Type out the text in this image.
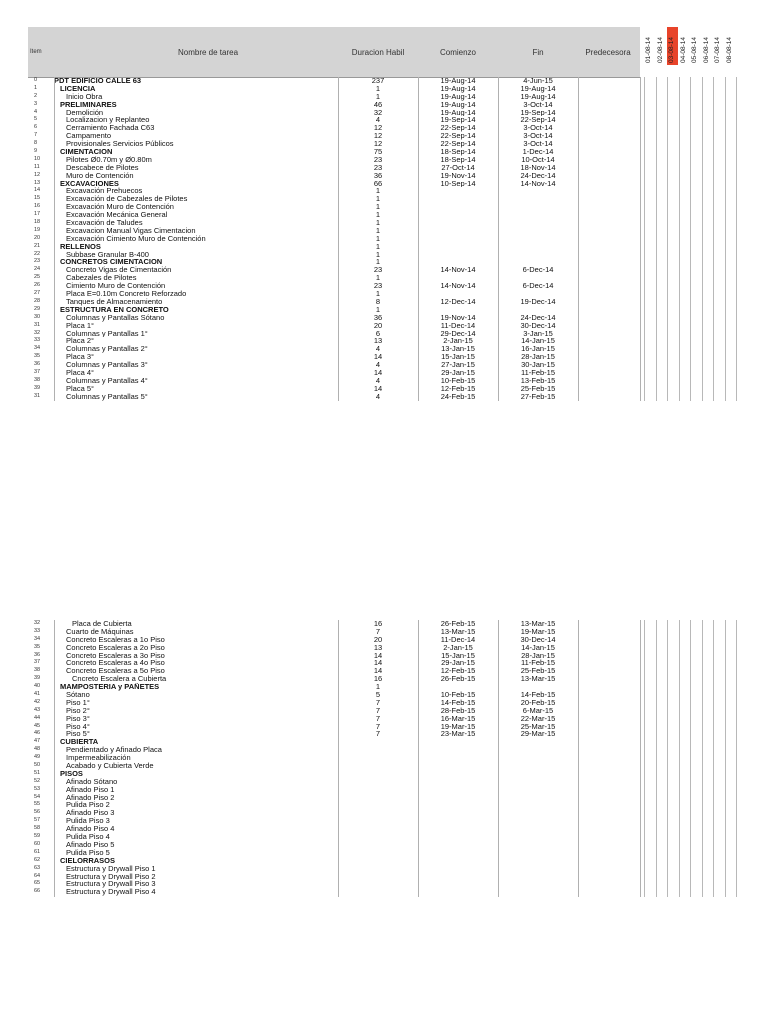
Item	Nombre de tarea	Duracion Habil	Comienzo	Fin	Predecesora	01-08-14 02-08-14 03-08-14 04-08-14 05-08-14 06-08-14 07-08-14 08-08-14
0	PDT EDIFICIO CALLE 63	237	19-Aug-14	4-Jun-15
1	LICENCIA	1	19-Aug-14	19-Aug-14
2	Inicio Obra	1	19-Aug-14	19-Aug-14
3	PRELIMINARES	46	19-Aug-14	3-Oct-14
4	Demolición	32	19-Aug-14	19-Sep-14
5	Localizacion y Replanteo	4	19-Sep-14	22-Sep-14
6	Cerramiento Fachada C63	12	22-Sep-14	3-Oct-14
7	Campamento	12	22-Sep-14	3-Oct-14
8	Provisionales Servicios Públicos	12	22-Sep-14	3-Oct-14
9	CIMENTACION	75	18-Sep-14	1-Dec-14
10	Pilotes Ø0.70m y Ø0.80m	23	18-Sep-14	10-Oct-14
11	Descabece de Pilotes	23	27-Oct-14	18-Nov-14
12	Muro de Contención	36	19-Nov-14	24-Dec-14
13	EXCAVACIONES	66	10-Sep-14	14-Nov-14
14	Excavación Prehuecos	1
15	Excavación de Cabezales de Pilotes	1
16	Excavación Muro de Contención	1
17	Excavación Mecánica General	1
18	Excavación de Taludes	1
19	Excavacion Manual Vigas Cimentacion	1
20	Excavación Cimiento Muro de Contención	1
21	RELLENOS	1
22	Subbase Granular B-400	1
23	CONCRETOS CIMENTACION	1
24	Concreto Vigas de Cimentación	23	14-Nov-14	6-Dec-14
25	Cabezales de Pilotes	1
26	Cimiento Muro de Contención	23	14-Nov-14	6-Dec-14
27	Placa E=0.10m Concreto Reforzado	1
28	Tanques de Almacenamiento	8	12-Dec-14	19-Dec-14
29	ESTRUCTURA EN CONCRETO	1
30	Columnas y Pantallas Sótano	36	19-Nov-14	24-Dec-14
31	Placa 1°	20	11-Dec-14	30-Dec-14
32	Columnas y Pantallas 1°	6	29-Dec-14	3-Jan-15
33	Placa 2°	13	2-Jan-15	14-Jan-15
34	Columnas y Pantallas 2°	4	13-Jan-15	16-Jan-15
35	Placa 3°	14	15-Jan-15	28-Jan-15
36	Columnas y Pantallas 3°	4	27-Jan-15	30-Jan-15
37	Placa 4°	14	29-Jan-15	11-Feb-15
38	Columnas y Pantallas 4°	4	10-Feb-15	13-Feb-15
39	Placa 5°	14	12-Feb-15	25-Feb-15
31	Columnas y Pantallas 5°	4	24-Feb-15	27-Feb-15
32	Placa de Cubierta	16	26-Feb-15	13-Mar-15
33	Cuarto de Máquinas	7	13-Mar-15	19-Mar-15
34	Concreto Escaleras a 1o Piso	20	11-Dec-14	30-Dec-14
35	Concreto Escaleras a 2o Piso	13	2-Jan-15	14-Jan-15
36	Concreto Escaleras a 3o Piso	14	15-Jan-15	28-Jan-15
37	Concreto Escaleras a 4o Piso	14	29-Jan-15	11-Feb-15
38	Concreto Escaleras a 5o Piso	14	12-Feb-15	25-Feb-15
39	Cncreto Escalera a Cubierta	16	26-Feb-15	13-Mar-15
40	MAMPOSTERIA y PAÑETES	1
41	Sótano	5	10-Feb-15	14-Feb-15
42	Piso 1°	7	14-Feb-15	20-Feb-15
43	Piso 2°	7	28-Feb-15	6-Mar-15
44	Piso 3°	7	16-Mar-15	22-Mar-15
45	Piso 4°	7	19-Mar-15	25-Mar-15
46	Piso 5°	7	23-Mar-15	29-Mar-15
47	CUBIERTA
48	Pendientado y Afinado Placa
49	Impermeabilización
50	Acabado y Cubierta Verde
51	PISOS
52	Afinado Sótano
53	Afinado Piso 1
54	Afinado Piso 2
55	Pulida Piso 2
56	Afinado Piso 3
57	Pulida Piso 3
58	Afinado Piso 4
59	Pulida Piso 4
60	Afinado Piso 5
61	Pulida Piso 5
62	CIELORRASOS
63	Estructura y Drywall Piso 1
64	Estructura y Drywall Piso 2
65	Estructura y Drywall Piso 3
66	Estructura y Drywall Piso 4
